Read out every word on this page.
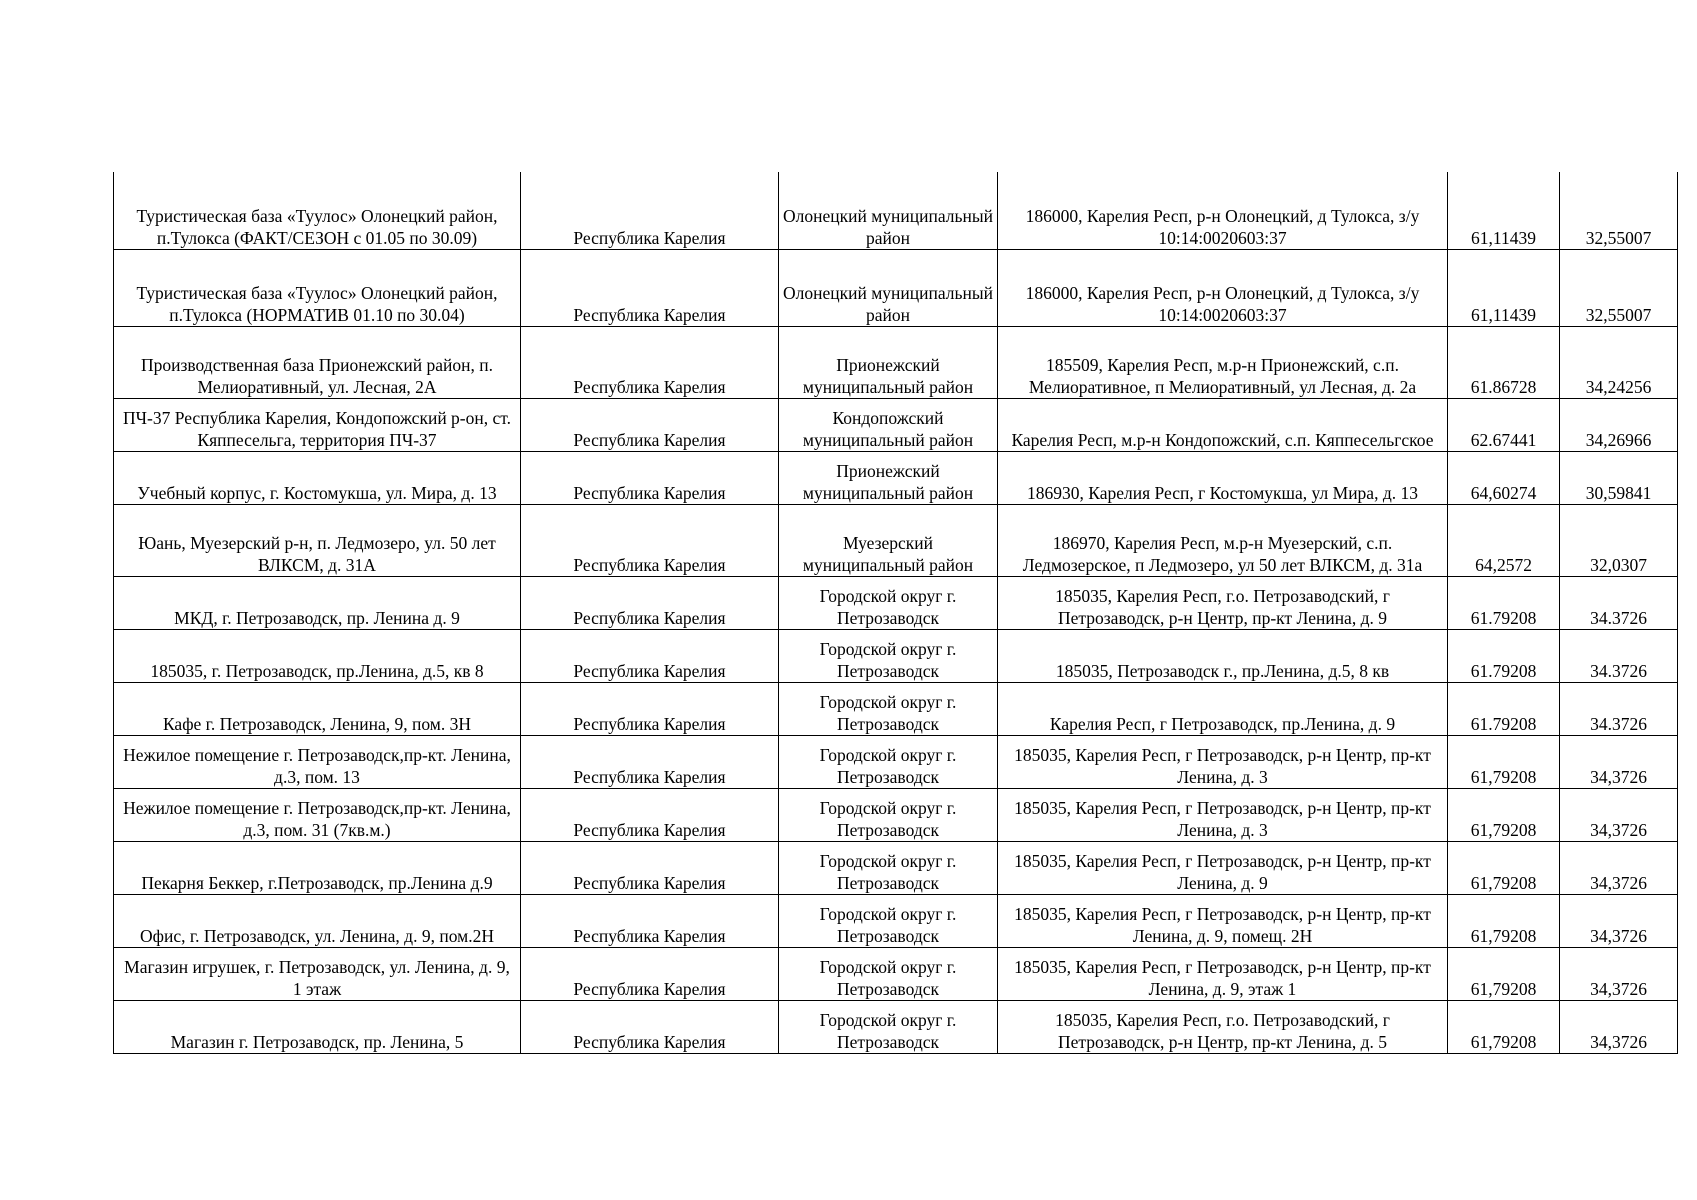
Туристическая база «Туулос» Олонецкий район, п.Тулокса (ФАКТ/СЕЗОН с 01.05 по 30.09)	Республика Карелия	Олонецкий муниципальный район	186000, Карелия Респ, р-н Олонецкий, д Тулокса, з/у 10:14:0020603:37	61,11439	32,55007
Туристическая база «Туулос» Олонецкий район, п.Тулокса (НОРМАТИВ 01.10 по 30.04)	Республика Карелия	Олонецкий муниципальный район	186000, Карелия Респ, р-н Олонецкий, д Тулокса, з/у 10:14:0020603:37	61,11439	32,55007
Производственная база Прионежский район, п. Мелиоративный, ул. Лесная, 2А	Республика Карелия	Прионежский муниципальный район	185509, Карелия Респ, м.р-н Прионежский, с.п. Мелиоративное, п Мелиоративный, ул Лесная, д. 2а	61.86728	34,24256
ПЧ-37 Республика Карелия, Кондопожский р-он, ст. Кяппесельга, территория ПЧ-37	Республика Карелия	Кондопожский муниципальный район	Карелия Респ, м.р-н Кондопожский, с.п. Кяппесельгское	62.67441	34,26966
Учебный корпус, г. Костомукша, ул. Мира, д. 13	Республика Карелия	Прионежский муниципальный район	186930, Карелия Респ, г Костомукша, ул Мира, д. 13	64,60274	30,59841
Юань, Муезерский р-н, п. Ледмозеро, ул. 50 лет ВЛКСМ, д. 31А	Республика Карелия	Муезерский муниципальный район	186970, Карелия Респ, м.р-н Муезерский, с.п. Ледмозерское, п Ледмозеро, ул 50 лет ВЛКСМ, д. 31а	64,2572	32,0307
МКД, г. Петрозаводск, пр. Ленина д. 9	Республика Карелия	Городской округ г. Петрозаводск	185035, Карелия Респ, г.о. Петрозаводский, г Петрозаводск, р-н Центр, пр-кт Ленина, д. 9	61.79208	34.3726
185035, г. Петрозаводск, пр.Ленина, д.5, кв 8	Республика Карелия	Городской округ г. Петрозаводск	185035, Петрозаводск г., пр.Ленина, д.5, 8 кв	61.79208	34.3726
Кафе г. Петрозаводск, Ленина, 9, пом. 3Н	Республика Карелия	Городской округ г. Петрозаводск	Карелия Респ, г Петрозаводск, пр.Ленина, д. 9	61.79208	34.3726
Нежилое помещение г. Петрозаводск,пр-кт. Ленина, д.3, пом. 13	Республика Карелия	Городской округ г. Петрозаводск	185035, Карелия Респ, г Петрозаводск, р-н Центр, пр-кт Ленина, д. 3	61,79208	34,3726
Нежилое помещение г. Петрозаводск,пр-кт. Ленина, д.3, пом. 31 (7кв.м.)	Республика Карелия	Городской округ г. Петрозаводск	185035, Карелия Респ, г Петрозаводск, р-н Центр, пр-кт Ленина, д. 3	61,79208	34,3726
Пекарня Беккер, г.Петрозаводск, пр.Ленина д.9	Республика Карелия	Городской округ г. Петрозаводск	185035, Карелия Респ, г Петрозаводск, р-н Центр, пр-кт Ленина, д. 9	61,79208	34,3726
Офис, г. Петрозаводск, ул. Ленина, д. 9, пом.2Н	Республика Карелия	Городской округ г. Петрозаводск	185035, Карелия Респ, г Петрозаводск, р-н Центр, пр-кт Ленина, д. 9, помещ. 2Н	61,79208	34,3726
Магазин игрушек, г. Петрозаводск, ул. Ленина, д. 9, 1 этаж	Республика Карелия	Городской округ г. Петрозаводск	185035, Карелия Респ, г Петрозаводск, р-н Центр, пр-кт Ленина, д. 9, этаж 1	61,79208	34,3726
Магазин г. Петрозаводск, пр. Ленина, 5	Республика Карелия	Городской округ г. Петрозаводск	185035, Карелия Респ, г.о. Петрозаводский, г Петрозаводск, р-н Центр, пр-кт Ленина, д. 5	61,79208	34,3726
